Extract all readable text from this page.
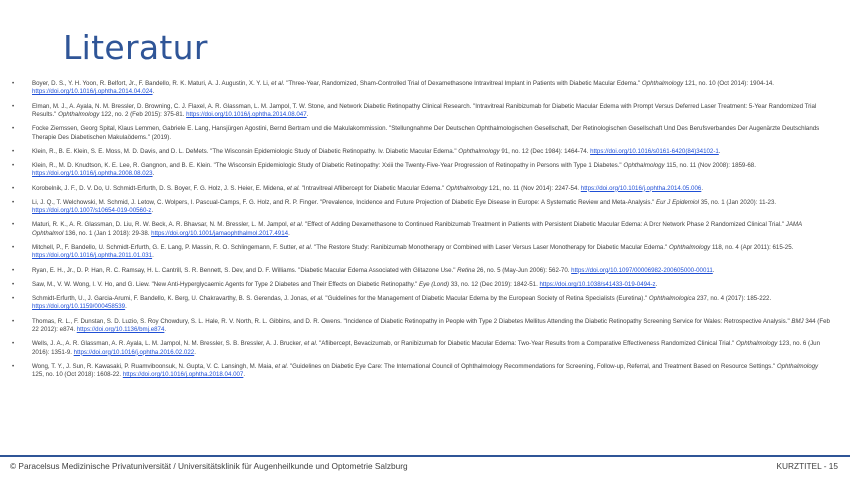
Literatur
•	Boyer, D. S., Y. H. Yoon, R. Belfort, Jr., F. Bandello, R. K. Maturi, A. J. Augustin, X. Y. Li, et al. "Three-Year, Randomized, Sham-Controlled Trial of Dexamethasone Intravitreal Implant in Patients with Diabetic Macular Edema." Ophthalmology 121, no. 10 (Oct 2014): 1904-14. https://doi.org/10.1016/j.ophtha.2014.04.024.
•	Elman, M. J., A. Ayala, N. M. Bressler, D. Browning, C. J. Flaxel, A. R. Glassman, L. M. Jampol, T. W. Stone, and Network Diabetic Retinopathy Clinical Research. "Intravitreal Ranibizumab for Diabetic Macular Edema with Prompt Versus Deferred Laser Treatment: 5-Year Randomized Trial Results." Ophthalmology 122, no. 2 (Feb 2015): 375-81. https://doi.org/10.1016/j.ophtha.2014.08.047.
•	Focke Ziemssen, Georg Spital, Klaus Lemmen, Gabriele E. Lang, Hansjürgen Agostini, Bernd Bertram und die Makulakommission. "Stellungnahme Der Deutschen Ophthalmologischen Gesellschaft, Der Retinologischen Gesellschaft Und Des Berufsverbandes Der Augenärzte Deutschlands Therapie Des Diabetischen Makulaödems." (2019).
•	Klein, R., B. E. Klein, S. E. Moss, M. D. Davis, and D. L. DeMets. "The Wisconsin Epidemiologic Study of Diabetic Retinopathy. Iv. Diabetic Macular Edema." Ophthalmology 91, no. 12 (Dec 1984): 1464-74. https://doi.org/10.1016/s0161-6420(84)34102-1.
•	Klein, R., M. D. Knudtson, K. E. Lee, R. Gangnon, and B. E. Klein. "The Wisconsin Epidemiologic Study of Diabetic Retinopathy: Xxiii the Twenty-Five-Year Progression of Retinopathy in Persons with Type 1 Diabetes." Ophthalmology 115, no. 11 (Nov 2008): 1859-68. https://doi.org/10.1016/j.ophtha.2008.08.023.
•	Korobelnik, J. F., D. V. Do, U. Schmidt-Erfurth, D. S. Boyer, F. G. Holz, J. S. Heier, E. Midena, et al. "Intravitreal Aflibercept for Diabetic Macular Edema." Ophthalmology 121, no. 11 (Nov 2014): 2247-54. https://doi.org/10.1016/j.ophtha.2014.05.006.
•	Li, J. Q., T. Welchowski, M. Schmid, J. Letow, C. Wolpers, I. Pascual-Camps, F. G. Holz, and R. P. Finger. "Prevalence, Incidence and Future Projection of Diabetic Eye Disease in Europe: A Systematic Review and Meta-Analysis." Eur J Epidemiol 35, no. 1 (Jan 2020): 11-23. https://doi.org/10.1007/s10654-019-00560-z.
•	Maturi, R. K., A. R. Glassman, D. Liu, R. W. Beck, A. R. Bhavsar, N. M. Bressler, L. M. Jampol, et al. "Effect of Adding Dexamethasone to Continued Ranibizumab Treatment in Patients with Persistent Diabetic Macular Edema: A Drcr Network Phase 2 Randomized Clinical Trial." JAMA Ophthalmol 136, no. 1 (Jan 1 2018): 29-38. https://doi.org/10.1001/jamaophthalmol.2017.4914.
•	Mitchell, P., F. Bandello, U. Schmidt-Erfurth, G. E. Lang, P. Massin, R. O. Schlingemann, F. Sutter, et al. "The Restore Study: Ranibizumab Monotherapy or Combined with Laser Versus Laser Monotherapy for Diabetic Macular Edema." Ophthalmology 118, no. 4 (Apr 2011): 615-25. https://doi.org/10.1016/j.ophtha.2011.01.031.
•	Ryan, E. H., Jr., D. P. Han, R. C. Ramsay, H. L. Cantrill, S. R. Bennett, S. Dev, and D. F. Williams. "Diabetic Macular Edema Associated with Glitazone Use." Retina 26, no. 5 (May-Jun 2006): 562-70. https://doi.org/10.1097/00006982-200605000-00011.
•	Saw, M., V. W. Wong, I. V. Ho, and G. Liew. "New Anti-Hyperglycaemic Agents for Type 2 Diabetes and Their Effects on Diabetic Retinopathy." Eye (Lond) 33, no. 12 (Dec 2019): 1842-51. https://doi.org/10.1038/s41433-019-0494-z.
•	Schmidt-Erfurth, U., J. Garcia-Arumi, F. Bandello, K. Berg, U. Chakravarthy, B. S. Gerendas, J. Jonas, et al. "Guidelines for the Management of Diabetic Macular Edema by the European Society of Retina Specialists (Euretina)." Ophthalmologica 237, no. 4 (2017): 185-222. https://doi.org/10.1159/000458539.
•	Thomas, R. L., F. Dunstan, S. D. Luzio, S. Roy Chowdury, S. L. Hale, R. V. North, R. L. Gibbins, and D. R. Owens. "Incidence of Diabetic Retinopathy in People with Type 2 Diabetes Mellitus Attending the Diabetic Retinopathy Screening Service for Wales: Retrospective Analysis." BMJ 344 (Feb 22 2012): e874. https://doi.org/10.1136/bmj.e874.
•	Wells, J. A., A. R. Glassman, A. R. Ayala, L. M. Jampol, N. M. Bressler, S. B. Bressler, A. J. Brucker, et al. "Aflibercept, Bevacizumab, or Ranibizumab for Diabetic Macular Edema: Two-Year Results from a Comparative Effectiveness Randomized Clinical Trial." Ophthalmology 123, no. 6 (Jun 2016): 1351-9. https://doi.org/10.1016/j.ophtha.2016.02.022.
•	Wong, T. Y., J. Sun, R. Kawasaki, P. Ruamviboonsuk, N. Gupta, V. C. Lansingh, M. Maia, et al. "Guidelines on Diabetic Eye Care: The International Council of Ophthalmology Recommendations for Screening, Follow-up, Referral, and Treatment Based on Resource Settings." Ophthalmology 125, no. 10 (Oct 2018): 1608-22. https://doi.org/10.1016/j.ophtha.2018.04.007.
© Paracelsus Medizinische Privatuniversität / Universitätsklinik für Augenheilkunde und Optometrie Salzburg	KURZTITEL - 15
